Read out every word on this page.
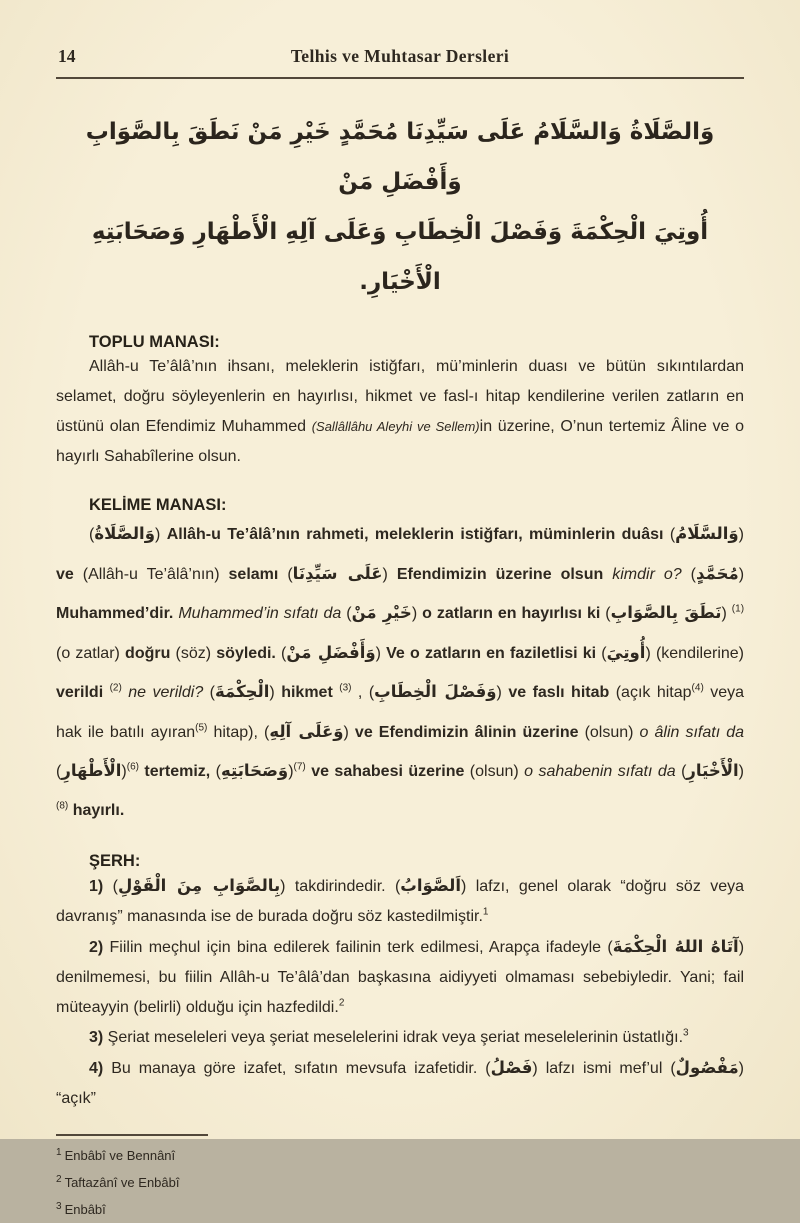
14	Telhis ve Muhtasar Dersleri
وَالصَّلَاةُ وَالسَّلَامُ عَلَى سَيِّدِنَا مُحَمَّدٍ خَيْرِ مَنْ نَطَقَ بِالصَّوَابِ وَأَفْضَلِ مَنْ
أُوتِيَ الْحِكْمَةَ وَفَصْلَ الْخِطَابِ وَعَلَى آلِهِ الْأَطْهَارِ وَصَحَابَتِهِ الْأَخْيَارِ.
TOPLU MANASI:

Allâh-u Te’âlâ’nın ihsanı, meleklerin istiğfarı, mü’minlerin duası ve bütün sıkıntılardan selamet, doğru söyleyenlerin en hayırlısı, hikmet ve fasl-ı hitap kendilerine verilen zatların en üstünü olan Efendimiz Muhammed (Sallâllâhu Aleyhi ve Sellem)in üzerine, O’nun tertemiz Âline ve o hayırlı Sahabîlerine olsun.

KELİME MANASI:

(وَالصَّلَاةُ) Allâh-u Te’âlâ’nın rahmeti, meleklerin istiğfarı, müminlerin duâsı (وَالسَّلَامُ) ve (Allâh-u Te’âlâ’nın) selamı (عَلَى سَيِّدِنَا) Efendimizin üzerine olsun kimdir o? (مُحَمَّدٍ) Muhammed’dir. Muhammed’in sıfatı da (خَيْرِ مَنْ) o zatların en hayırlısı ki (نَطَقَ بِالصَّوَابِ) $^{(1)}$ (o zatlar) doğru (söz) söyledi. (وَأَفْضَلِ مَنْ) Ve o zatların en faziletlisi ki (أُوتِيَ) (kendilerine) verildi $^{(2)}$ ne verildi? (الْحِكْمَةَ) hikmet $^{(3)}$ , (وَفَصْلَ الْخِطَابِ) ve faslı hitab (açık hitap$^{(4)}$ veya hak ile batılı ayıran$^{(5)}$ hitap), (وَعَلَى آلِهِ) ve Efendimizin âlinin üzerine (olsun) o âlin sıfatı da (الْأَطْهَارِ)$^{(6)}$ tertemiz, (وَصَحَابَتِهِ)$^{(7)}$ ve sahabesi üzerine (olsun) o sahabenin sıfatı da (الْأَخْيَارِ) $^{(8)}$ hayırlı.

ŞERH:

1) (بِالصَّوَابِ مِنَ الْقَوْلِ) takdirindedir. (اَلصَّوَابُ) lafzı, genel olarak “doğru söz veya davranış” manasında ise de burada doğru söz kastedilmiştir.$^1$

2) Fiilin meçhul için bina edilerek failinin terk edilmesi, Arapça ifadeyle (آتَاهُ اللهُ الْحِكْمَةَ) denilmemesi, bu fiilin Allâh-u Te’âlâ’dan başkasına aidiyyeti olmaması sebebiyledir. Yani; fail müteayyin (belirli) olduğu için hazfedildi.$^2$

3) Şeriat meseleleri veya şeriat meselelerini idrak veya şeriat meselelerinin üstatlığı.$^3$

4) Bu manaya göre izafet, sıfatın mevsufa izafetidir. (فَصْلُ) lafzı ismi mef’ul (مَفْصُولٌ) “açık”

$^1$ Enbâbî ve Bennânî
$^2$ Taftazânî ve Enbâbî
$^3$ Enbâbî
